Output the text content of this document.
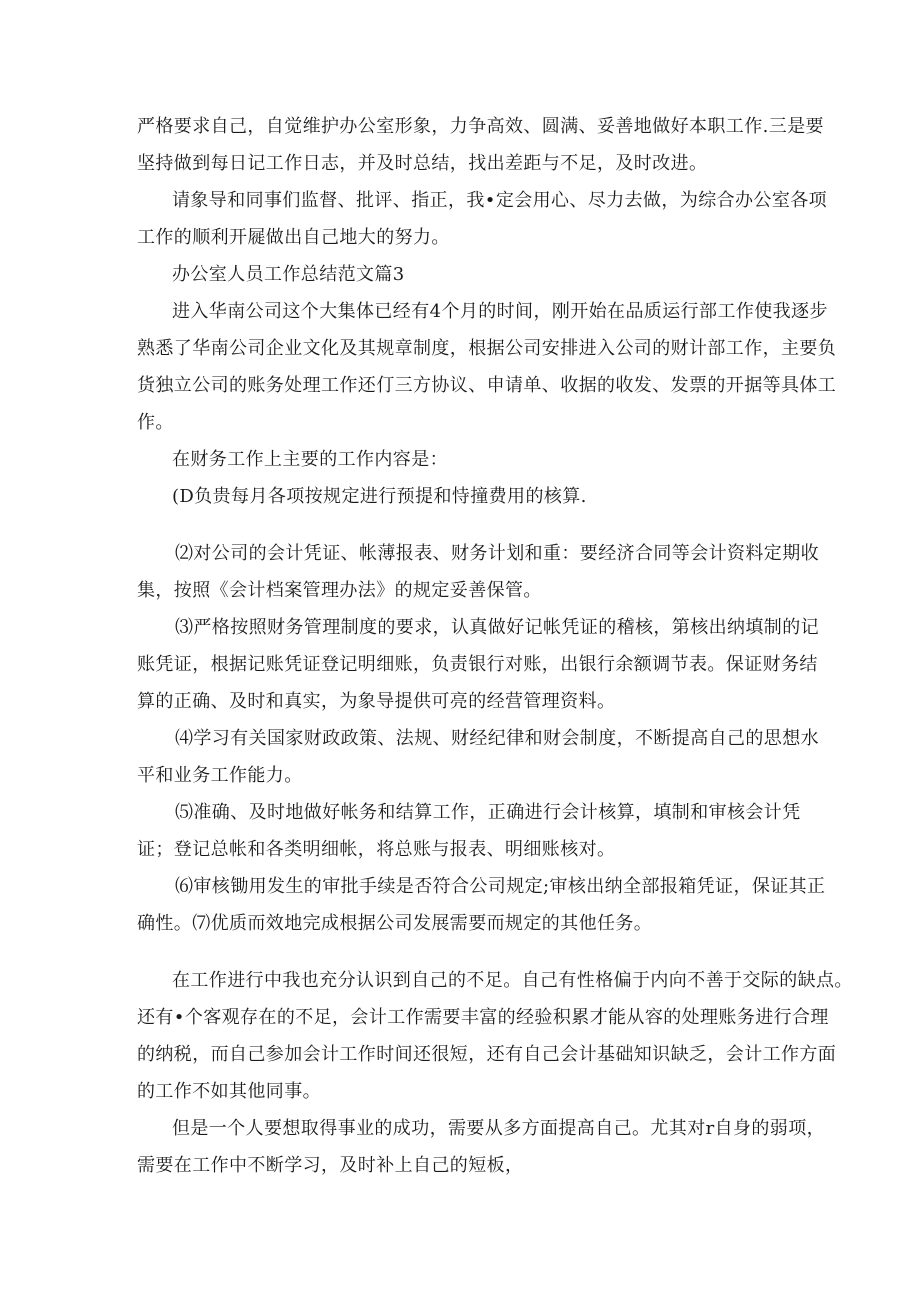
严格要求自己，自觉维护办公室形象，力争高效、圆满、妥善地做好本职工作.三是要
坚持做到每日记工作日志，并及时总结，找出差距与不足，及时改进。
请象导和同事们监督、批评、指正，我•定会用心、尽力去做，为综合办公室各项
工作的顺利开屣做出自己地大的努力。
办公室人员工作总结范文篇3
进入华南公司这个大集体已经有4个月的时间，刚开始在品质运行部工作使我逐步
熟悉了华南公司企业文化及其规章制度，根据公司安排进入公司的财计部工作，主要负
货独立公司的账务处理工作还仃三方协议、申请单、收据的收发、发票的开据等具体工
作。
在财务工作上主要的工作内容是：
(D负贵每月各项按规定进行预提和恃撞费用的核算.
⑵对公司的会计凭证、帐薄报表、财务计划和重：要经济合同等会计资料定期收
集，按照《会计档案管理办法》的规定妥善保管。
⑶严格按照财务管理制度的要求，认真做好记帐凭证的稽核，第核出纳填制的记
账凭证，根据记账凭证登记明细账，负责银行对账，出银行余额调节表。保证财务结
算的正确、及时和真实，为象导提供可亮的经营管理资料。
⑷学习有关国家财政政策、法规、财经纪律和财会制度，不断提高自己的思想水
平和业务工作能力。
⑸准确、及时地做好帐务和结算工作，正确进行会计核算，填制和审核会计凭
证；登记总帐和各类明细帐，将总账与报表、明细账核对。
⑹审核锄用发生的审批手续是否符合公司规定;审核出纳全部报箱凭证，保证其正
确性。⑺优质而效地完成根据公司发展需要而规定的其他任务。
在工作进行中我也充分认识到自己的不足。自己有性格偏于内向不善于交际的缺点。
还有•个客观存在的不足，会计工作需要丰富的经验积累才能从容的处理账务进行合理
的纳税，而自己参加会计工作时间还很短，还有自己会计基础知识缺乏，会计工作方面
的工作不如其他同事。
但是一个人要想取得事业的成功，需要从多方面提高自己。尤其对r自身的弱项，
需要在工作中不断学习，及时补上自己的短板，
